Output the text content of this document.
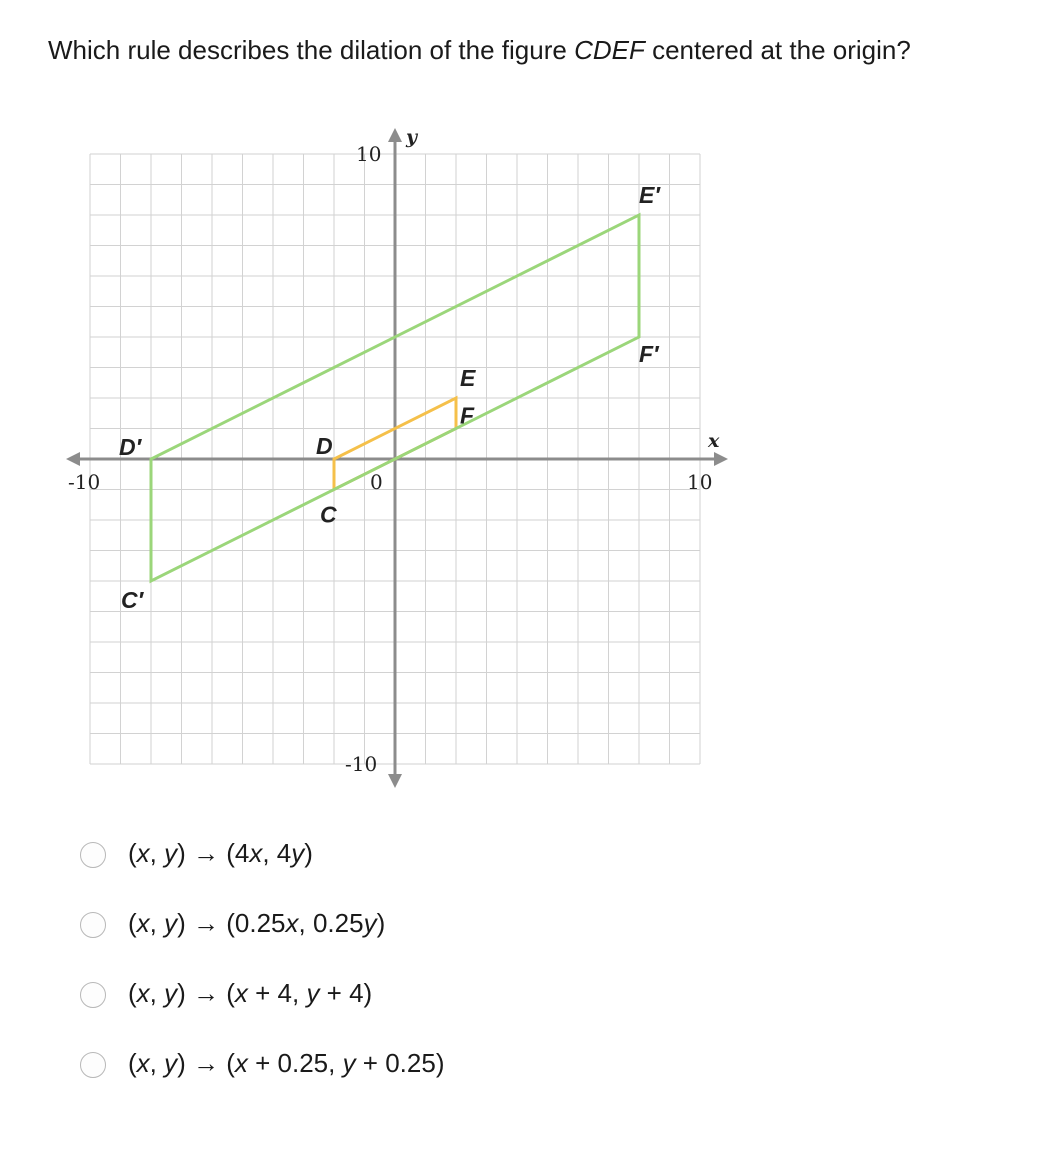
Which rule describes the dilation of the figure CDEF centered at the origin?
-10	10
10
-10
0
x
y
C
D
E
F
C′
D′
E′
F′
(x, y) → (4x, 4y)
(x, y) → (0.25x, 0.25y)
(x, y) → (x + 4, y + 4)
(x, y) → (x + 0.25, y + 0.25)
